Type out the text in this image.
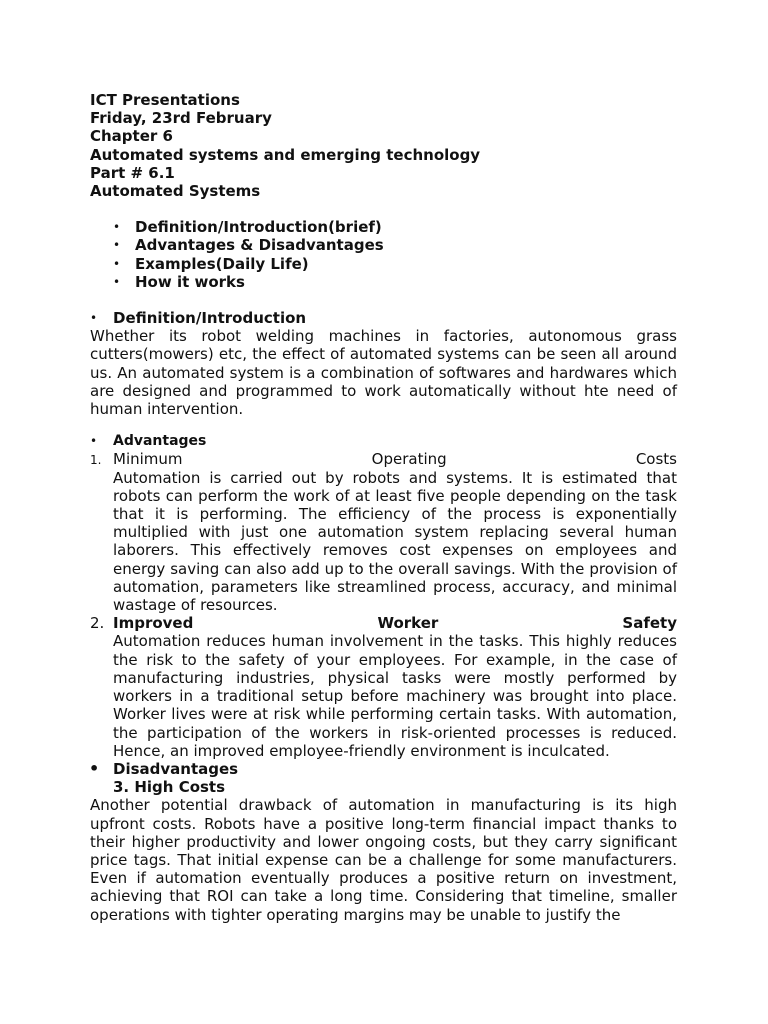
ICT Presentations
Friday, 23rd February
Chapter 6
Automated systems and emerging technology
Part # 6.1
Automated Systems
• Definition/Introduction(brief)
• Advantages & Disadvantages
• Examples(Daily Life)
• How it works
• Definition/Introduction
Whether its robot welding machines in factories, autonomous grass cutters(mowers) etc, the effect of automated systems can be seen all around us. An automated system is a combination of softwares and hardwares which are designed and programmed to work automatically without hte need of human intervention.
• Advantages
1. Minimum	Operating	Costs
Automation is carried out by robots and systems. It is estimated that robots can perform the work of at least five people depending on the task that it is performing. The efficiency of the process is exponentially multiplied with just one automation system replacing several human laborers. This effectively removes cost expenses on employees and energy saving can also add up to the overall savings. With the provision of automation, parameters like streamlined process, accuracy, and minimal wastage of resources.
2. Improved	Worker	Safety
Automation reduces human involvement in the tasks. This highly reduces the risk to the safety of your employees. For example, in the case of manufacturing industries, physical tasks were mostly performed by workers in a traditional setup before machinery was brought into place. Worker lives were at risk while performing certain tasks. With automation, the participation of the workers in risk-oriented processes is reduced. Hence, an improved employee-friendly environment is inculcated.
• Disadvantages
3. High Costs
Another potential drawback of automation in manufacturing is its high upfront costs. Robots have a positive long-term financial impact thanks to their higher productivity and lower ongoing costs, but they carry significant price tags. That initial expense can be a challenge for some manufacturers. Even if automation eventually produces a positive return on investment, achieving that ROI can take a long time. Considering that timeline, smaller operations with tighter operating margins may be unable to justify the
